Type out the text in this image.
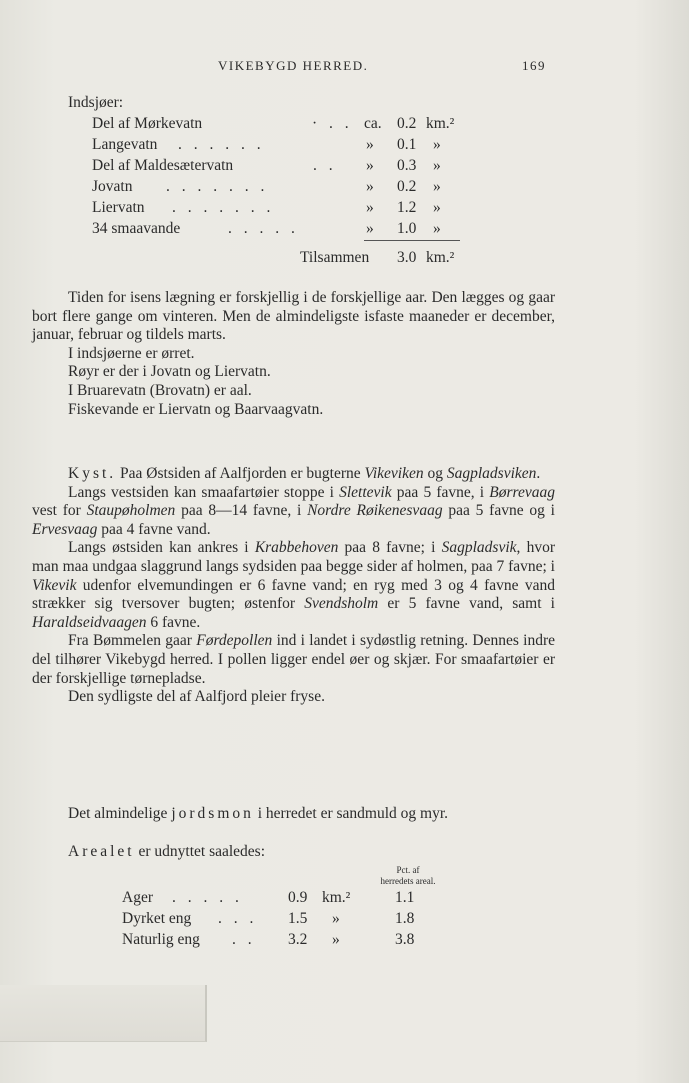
VIKEBYGD HERRED.	169
Indsjøer:
Del af Mørkevatn	· . . ca. 0.2 km.²
Langevatn . . . . . .	» 0.1 »
Del af Maldesætervatn	. . » 0.3 »
Jovatn . . . . . . .	» 0.2 »
Liervatn . . . . . . .	» 1.2 »
34 smaavande	. . . . .	» 1.0 »
Tilsammen 3.0 km.²

Tiden for isens lægning er forskjellig i de forskjellige aar. Den lægges og gaar bort flere gange om vinteren. Men de almindeligste isfaste maaneder er december, januar, februar og tildels marts.

I indsjøerne er ørret.

Røyr er der i Jovatn og Liervatn.

I Bruarevatn (Brovatn) er aal.

Fiskevande er Liervatn og Baarvaagvatn.

Kyst. Paa Østsiden af Aalfjorden er bugterne Vikeviken og Sagpladsviken.

Langs vestsiden kan smaafartøier stoppe i Slettevik paa 5 favne, i Børrevaag vest for Staupøholmen paa 8—14 favne, i Nordre Røikenesvaag paa 5 favne og i Ervesvaag paa 4 favne vand.

Langs østsiden kan ankres i Krabbehoven paa 8 favne; i Sagpladsvik, hvor man maa undgaa slaggrund langs sydsiden paa begge sider af holmen, paa 7 favne; i Vikevik udenfor elvemundingen er 6 favne vand; en ryg med 3 og 4 favne vand strækker sig tversover bugten; østenfor Svendsholm er 5 favne vand, samt i Haraldseidvaagen 6 favne.

Fra Bømmelen gaar Førdepollen ind i landet i sydøstlig retning. Dennes indre del tilhører Vikebygd herred. I pollen ligger endel øer og skjær. For smaafartøier er der forskjellige tørnepladse.

Den sydligste del af Aalfjord pleier fryse.

Det almindelige jordsmon i herredet er sandmuld og myr.
Arealet er udnyttet saaledes:
Pct. af
herredets areal.
Ager . . . . .	0.9 km.²	1.1
Dyrket eng . . . 1.5 »	1.8
Naturlig eng . . 3.2 »	3.8
